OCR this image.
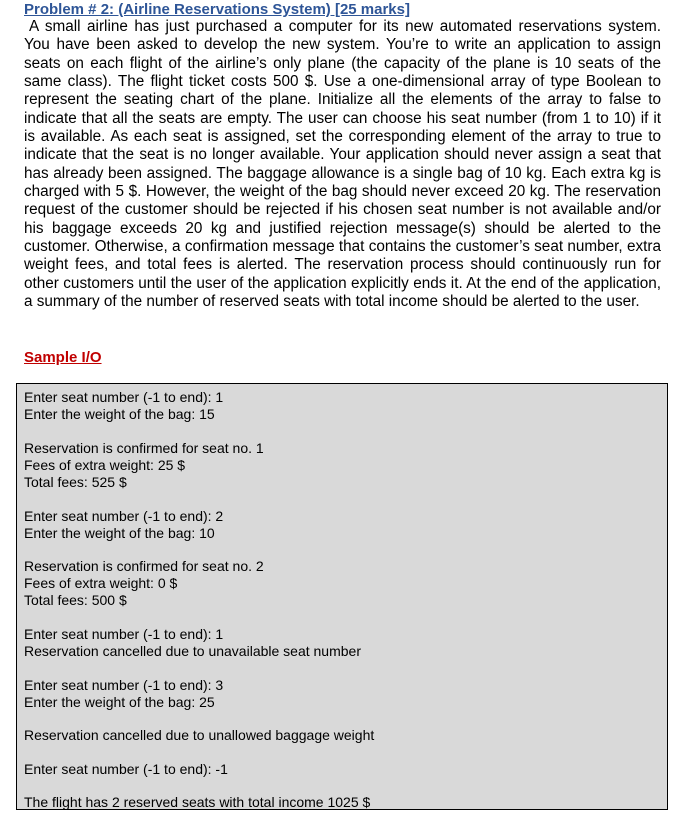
Problem # 2: (Airline Reservations System) [25 marks]

A small airline has just purchased a computer for its new automated reservations system. You have been asked to develop the new system. You’re to write an application to assign seats on each flight of the airline’s only plane (the capacity of the plane is 10 seats of the same class). The flight ticket costs 500 $. Use a one-dimensional array of type Boolean to represent the seating chart of the plane. Initialize all the elements of the array to false to indicate that all the seats are empty. The user can choose his seat number (from 1 to 10) if it is available. As each seat is assigned, set the corresponding element of the array to true to indicate that the seat is no longer available. Your application should never assign a seat that has already been assigned. The baggage allowance is a single bag of 10 kg. Each extra kg is charged with 5 $. However, the weight of the bag should never exceed 20 kg. The reservation request of the customer should be rejected if his chosen seat number is not available and/or his baggage exceeds 20 kg and justified rejection message(s) should be alerted to the customer. Otherwise, a confirmation message that contains the customer’s seat number, extra weight fees, and total fees is alerted. The reservation process should continuously run for other customers until the user of the application explicitly ends it. At the end of the application, a summary of the number of reserved seats with total income should be alerted to the user.

Sample I/O

Enter seat number (-1 to end): 1

Enter the weight of the bag: 15

Reservation is confirmed for seat no. 1

Fees of extra weight: 25 $

Total fees: 525 $

Enter seat number (-1 to end): 2

Enter the weight of the bag: 10

Reservation is confirmed for seat no. 2

Fees of extra weight: 0 $

Total fees: 500 $

Enter seat number (-1 to end): 1

Reservation cancelled due to unavailable seat number

Enter seat number (-1 to end): 3

Enter the weight of the bag: 25

Reservation cancelled due to unallowed baggage weight

Enter seat number (-1 to end): -1

The flight has 2 reserved seats with total income 1025 $
